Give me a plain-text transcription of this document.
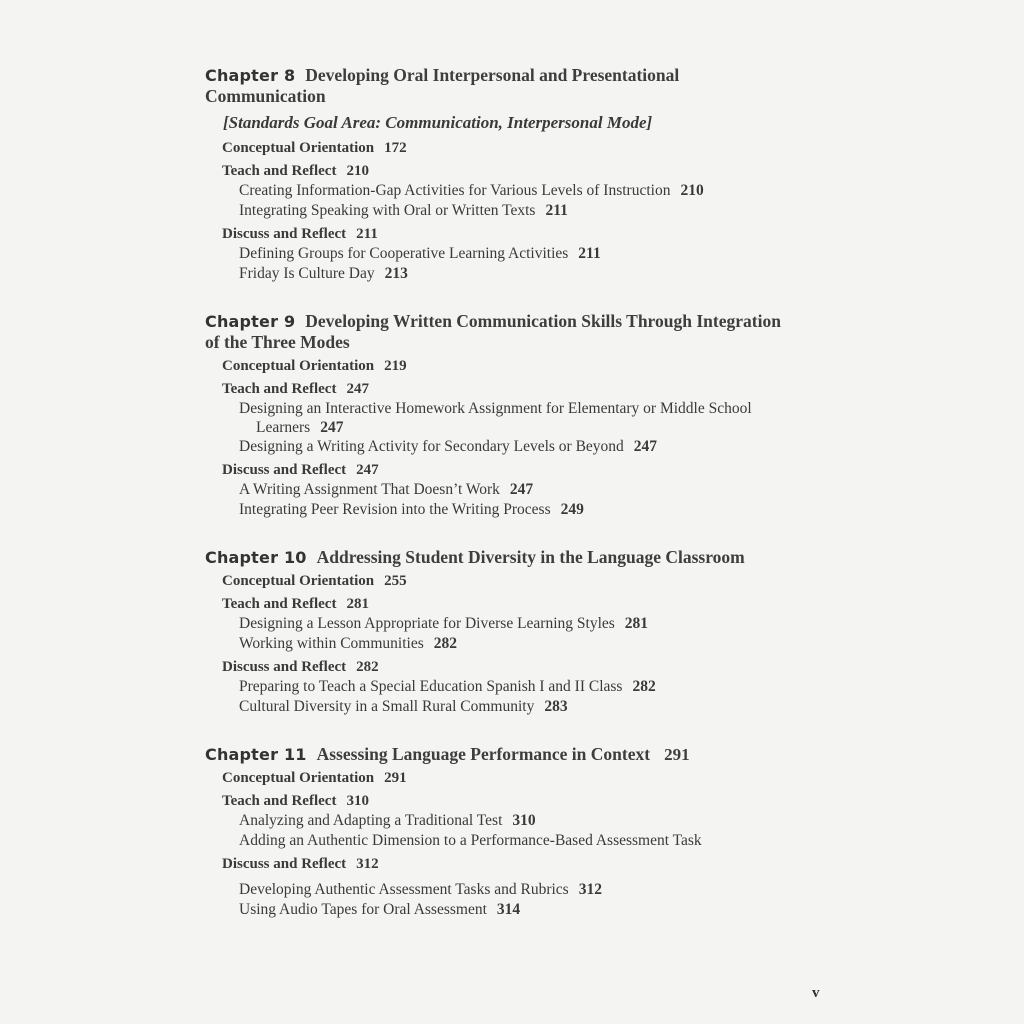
Chapter 8 Developing Oral Interpersonal and Presentational
Communication
[Standards Goal Area: Communication, Interpersonal Mode]
Conceptual Orientation 172
Teach and Reflect 210
Creating Information-Gap Activities for Various Levels of Instruction 210
Integrating Speaking with Oral or Written Texts 211
Discuss and Reflect 211
Defining Groups for Cooperative Learning Activities 211
Friday Is Culture Day 213
Chapter 9 Developing Written Communication Skills Through Integration
of the Three Modes
Conceptual Orientation 219
Teach and Reflect 247
Designing an Interactive Homework Assignment for Elementary or Middle School
Learners 247
Designing a Writing Activity for Secondary Levels or Beyond 247
Discuss and Reflect 247
A Writing Assignment That Doesn’t Work 247
Integrating Peer Revision into the Writing Process 249
Chapter 10 Addressing Student Diversity in the Language Classroom
Conceptual Orientation 255
Teach and Reflect 281
Designing a Lesson Appropriate for Diverse Learning Styles 281
Working within Communities 282
Discuss and Reflect 282
Preparing to Teach a Special Education Spanish I and II Class 282
Cultural Diversity in a Small Rural Community 283
Chapter 11 Assessing Language Performance in Context 291
Conceptual Orientation 291
Teach and Reflect 310
Analyzing and Adapting a Traditional Test 310
Adding an Authentic Dimension to a Performance-Based Assessment Task
Discuss and Reflect 312
Developing Authentic Assessment Tasks and Rubrics 312
Using Audio Tapes for Oral Assessment 314
v
